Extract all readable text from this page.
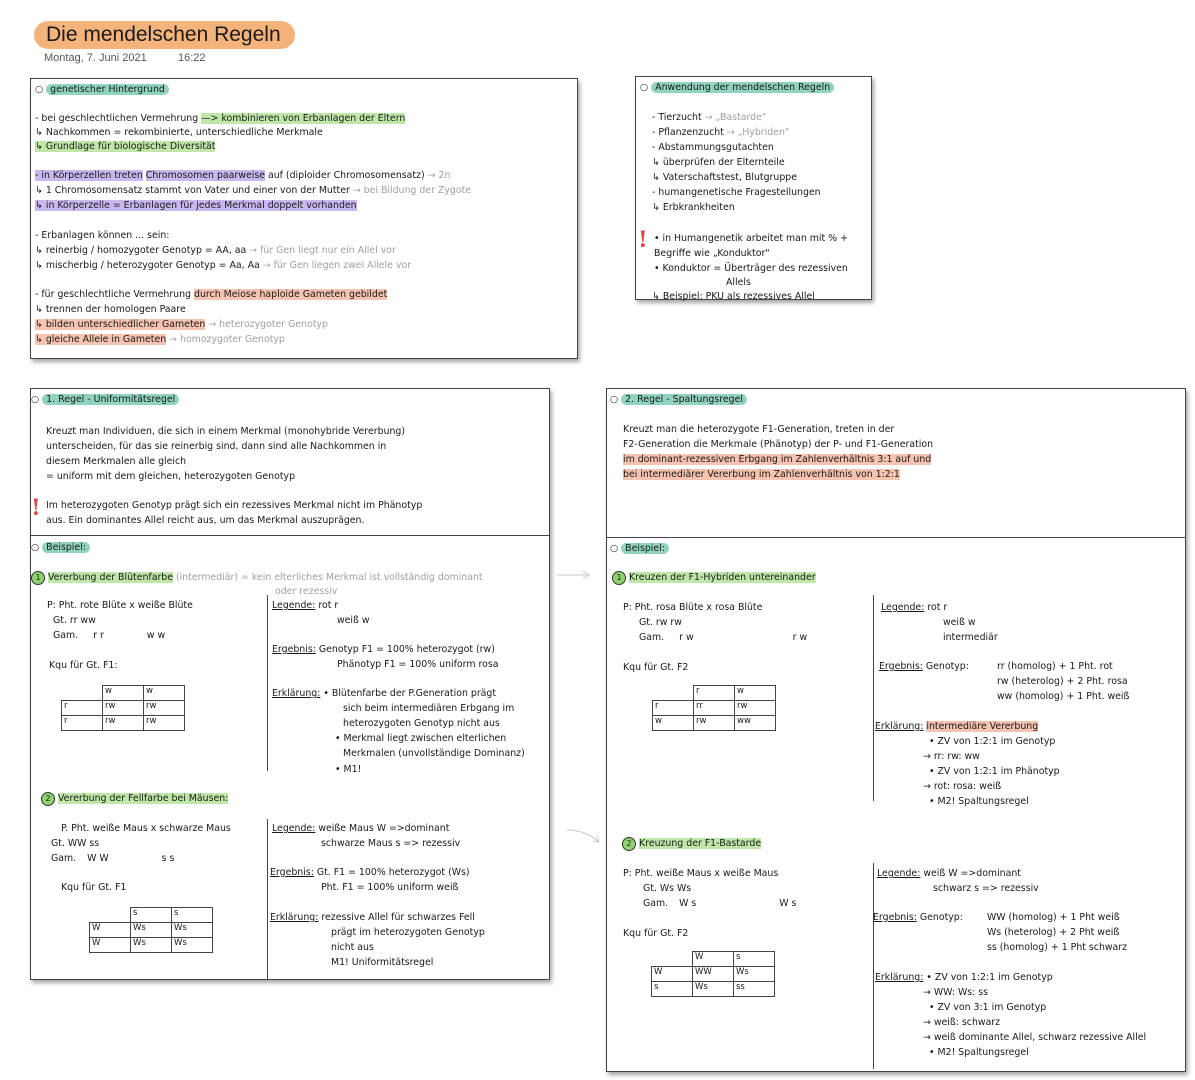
Die mendelschen Regeln
Montag, 7. Juni 2021	16:22
○ genetischer Hintergrund
- bei geschlechtlichen Vermehrung —> kombinieren von Erbanlagen der Eltern
↳ Nachkommen = rekombinierte, unterschiedliche Merkmale
↳ Grundlage für biologische Diversität
- in Körperzellen treten Chromosomen paarweise auf (diploider Chromosomensatz) → 2n
↳ 1 Chromosomensatz stammt von Vater und einer von der Mutter → bei Bildung der Zygote
↳ in Körperzelle = Erbanlagen für jedes Merkmal doppelt vorhanden
- Erbanlagen können ... sein:
↳ reinerbig / homozygoter Genotyp = AA, aa → für Gen liegt nur ein Allel vor
↳ mischerbig / heterozygoter Genotyp = Aa, Aa → für Gen liegen zwei Allele vor
- für geschlechtliche Vermehrung durch Meiose haploide Gameten gebildet
↳ trennen der homologen Paare
↳ bilden unterschiedlicher Gameten → heterozygoter Genotyp
↳ gleiche Allele in Gameten → homozygoter Genotyp
○ Anwendung der mendelschen Regeln
- Tierzucht → „Bastarde"
- Pflanzenzucht → „Hybriden"
- Abstammungsgutachten
↳ überprüfen der Elternteile
↳ Vaterschaftstest, Blutgruppe
- humangenetische Fragestellungen
↳ Erbkrankheiten
! • in Humangenetik arbeitet man mit % +
Begriffe wie „Konduktor"
• Konduktor = Überträger des rezessiven
Allels
↳ Beispiel: PKU als rezessives Allel
○ 1. Regel - Uniformitätsregel
Kreuzt man Individuen, die sich in einem Merkmal (monohybride Vererbung)
unterscheiden, für das sie reinerbig sind, dann sind alle Nachkommen in
diesem Merkmalen alle gleich
= uniform mit dem gleichen, heterozygoten Genotyp
! Im heterozygoten Genotyp prägt sich ein rezessives Merkmal nicht im Phänotyp
aus. Ein dominantes Allel reicht aus, um das Merkmal auszuprägen.
○ Beispiel:
1 Vererbung der Blütenfarbe (intermediär) = kein elterliches Merkmal ist vollständig dominant
oder rezessiv
P: Pht. rote Blüte x weiße Blüte
Gt. rr ww
Gam. r r	w w
Kqu für Gt. F1:
	w	w
r	rw	rw
r	rw	rw
Legende: rot r
weiß w
Ergebnis: Genotyp F1 = 100% heterozygot (rw)
Phänotyp F1 = 100% uniform rosa
Erklärung: • Blütenfarbe der P.Generation prägt
sich beim intermediären Erbgang im
heterozygoten Genotyp nicht aus
• Merkmal liegt zwischen elterlichen
Merkmalen (unvollständige Dominanz)
• M1!
2 Vererbung der Fellfarbe bei Mäusen:
P. Pht. weiße Maus x schwarze Maus
Gt. WW ss
Gam. W W	s s
Kqu für Gt. F1
	s	s
W	Ws	Ws
W	Ws	Ws
Legende: weiße Maus W =>dominant
schwarze Maus s => rezessiv
Ergebnis: Gt. F1 = 100% heterozygot (Ws)
Pht. F1 = 100% uniform weiß
Erklärung: rezessive Allel für schwarzes Fell
prägt im heterozygoten Genotyp
nicht aus
M1! Uniformitätsregel
○ 2. Regel - Spaltungsregel
Kreuzt man die heterozygote F1-Generation, treten in der
F2-Generation die Merkmale (Phänotyp) der P- und F1-Generation
im dominant-rezessiven Erbgang im Zahlenverhältnis 3:1 auf und
bei intermediärer Vererbung im Zahlenverhältnis von 1:2:1
○ Beispiel:
1 Kreuzen der F1-Hybriden untereinander
P: Pht. rosa Blüte x rosa Blüte
Gt. rw rw
Gam. r w	r w
Kqu für Gt. F2
	r	w
r	rr	rw
w	rw	ww
Legende: rot r
weiß w
intermediär
Ergebnis: Genotyp:	rr (homolog) + 1 Pht. rot
rw (heterolog) + 2 Pht. rosa
ww (homolog) + 1 Pht. weiß
Erklärung: intermediäre Vererbung
• ZV von 1:2:1 im Genotyp
→ rr: rw: ww
• ZV von 1:2:1 im Phänotyp
→ rot: rosa: weiß
• M2! Spaltungsregel
2 Kreuzung der F1-Bastarde
P: Pht. weiße Maus x weiße Maus
Gt. Ws Ws
Gam. W s	W s
Kqu für Gt. F2
	W	s
W	WW	Ws
s	Ws	ss
Legende: weiß W =>dominant
schwarz s => rezessiv
Ergebnis: Genotyp:	WW (homolog) + 1 Pht weiß
Ws (heterolog) + 2 Pht weiß
ss (homolog) + 1 Pht schwarz
Erklärung: • ZV von 1:2:1 im Genotyp
→ WW: Ws: ss
• ZV von 3:1 im Genotyp
→ weiß: schwarz
→ weiß dominante Allel, schwarz rezessive Allel
• M2! Spaltungsregel
